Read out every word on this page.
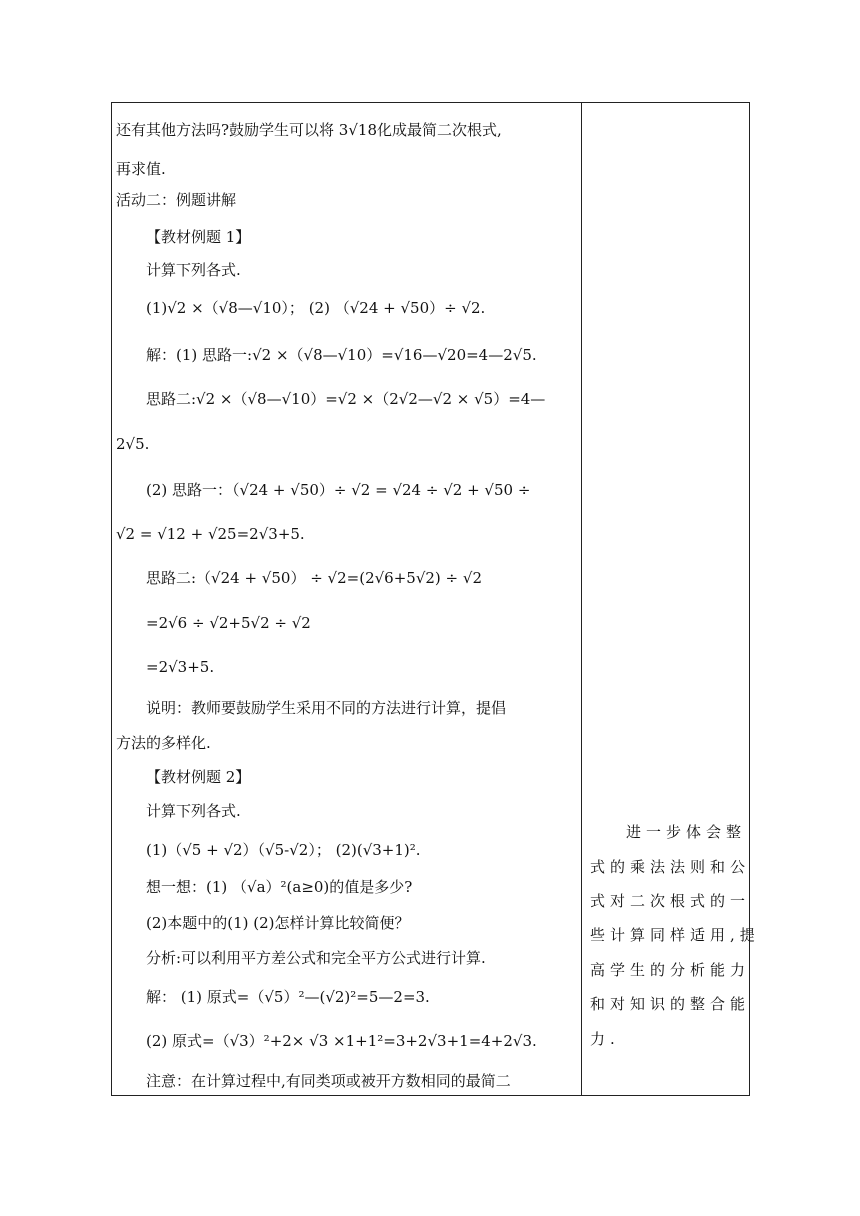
还有其他方法吗?鼓励学生可以将 3√18化成最简二次根式,
再求值.
活动二：例题讲解
【教材例题 1】
计算下列各式.
(1)√2 ×（√8—√10）； (2) （√24 + √50）÷ √2.
解：(1) 思路一:√2 ×（√8—√10）=√16—√20=4—2√5.
思路二:√2 ×（√8—√10）=√2 ×（2√2—√2 × √5）=4—
2√5.
(2) 思路一：（√24 + √50）÷ √2 = √24 ÷ √2 + √50 ÷
√2 = √12 + √25=2√3+5.
思路二:（√24 + √50） ÷ √2=(2√6+5√2) ÷ √2
=2√6 ÷ √2+5√2 ÷ √2
=2√3+5.
说明：教师要鼓励学生采用不同的方法进行计算，提倡
方法的多样化.
【教材例题 2】
计算下列各式.
(1)（√5 + √2）（√5-√2）； (2)(√3+1)².
想一想：(1) （√a）²(a≥0)的值是多少?
(2)本题中的(1) (2)怎样计算比较简便？
分析:可以利用平方差公式和完全平方公式进行计算.
解： (1) 原式=（√5）²—(√2)²=5—2=3.
(2) 原式=（√3）²+2× √3 ×1+1²=3+2√3+1=4+2√3.
注意：在计算过程中,有同类项或被开方数相同的最简二
进一步体会整
式的乘法法则和公
式对二次根式的一
些计算同样适用,提
高学生的分析能力
和对知识的整合能
力.
